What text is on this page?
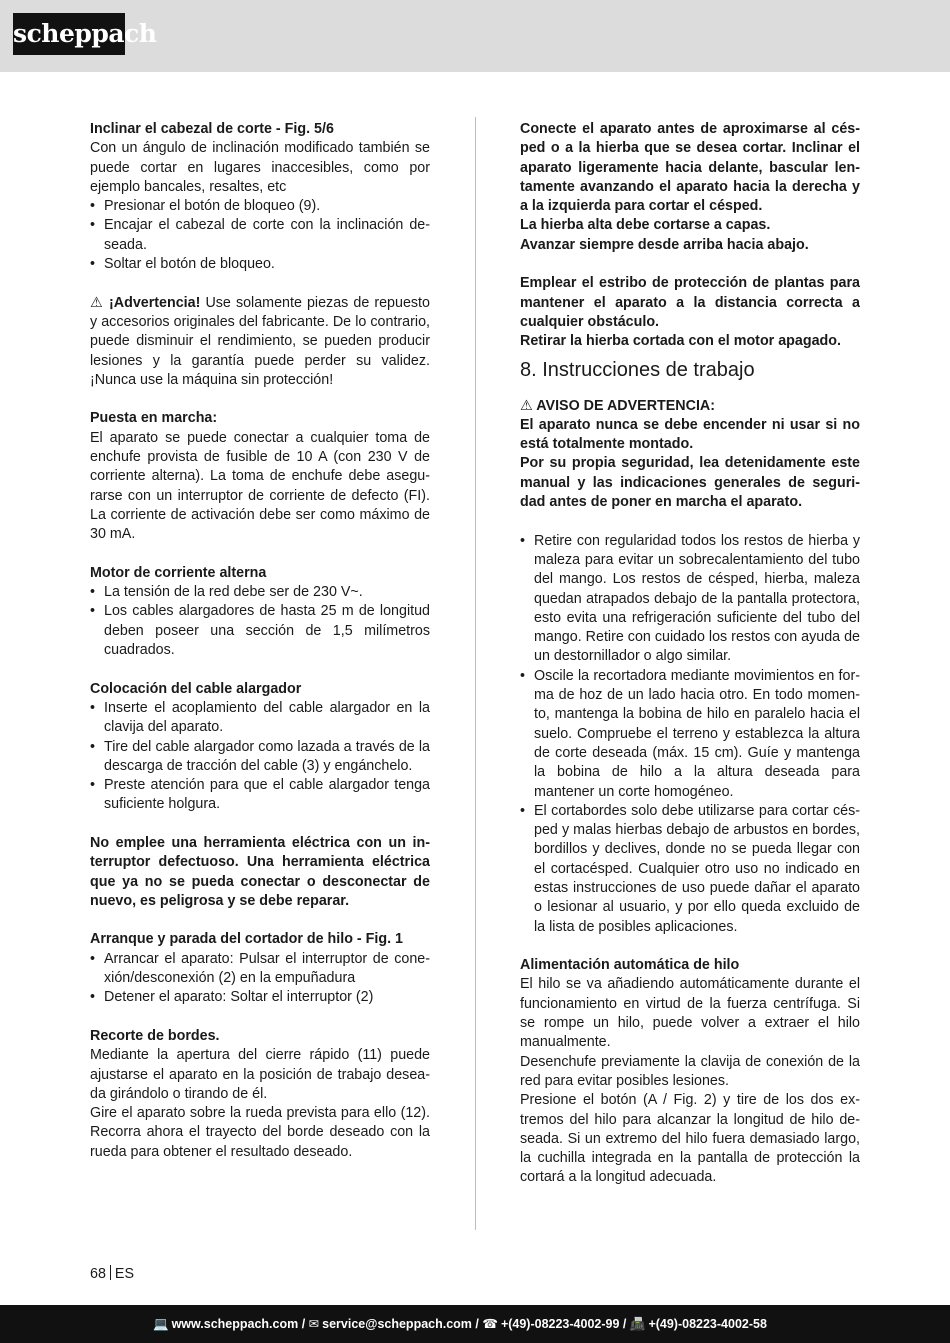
scheppach

Inclinar el cabezal de corte - Fig. 5/6

Con un ángulo de inclinación modificado también se puede cortar en lugares inaccesibles, como por ejemplo bancales, resaltes, etc

• Presionar el botón de bloqueo (9).
• Encajar el cabezal de corte con la inclinación deseada.
• Soltar el botón de bloqueo.

⚠ ¡Advertencia! Use solamente piezas de repuesto y accesorios originales del fabricante. De lo contrario, puede disminuir el rendimiento, se pueden producir lesiones y la garantía puede perder su validez. ¡Nunca use la máquina sin protección!

Puesta en marcha:

El aparato se puede conectar a cualquier toma de enchufe provista de fusible de 10 A (con 230 V de corriente alterna). La toma de enchufe debe asegurarse con un interruptor de corriente de defecto (FI). La corriente de activación debe ser como máximo de 30 mA.

Motor de corriente alterna

• La tensión de la red debe ser de 230 V~.
• Los cables alargadores de hasta 25 m de longitud deben poseer una sección de 1,5 milímetros cuadrados.

Colocación del cable alargador

• Inserte el acoplamiento del cable alargador en la clavija del aparato.
• Tire del cable alargador como lazada a través de la descarga de tracción del cable (3) y engánchelo.
• Preste atención para que el cable alargador tenga suficiente holgura.

No emplee una herramienta eléctrica con un interruptor defectuoso. Una herramienta eléctrica que ya no se pueda conectar o desconectar de nuevo, es peligrosa y se debe reparar.

Arranque y parada del cortador de hilo - Fig. 1

• Arrancar el aparato: Pulsar el interruptor de conexión/desconexión (2) en la empuñadura
• Detener el aparato: Soltar el interruptor (2)

Recorte de bordes.

Mediante la apertura del cierre rápido (11) puede ajustarse el aparato en la posición de trabajo deseada girándolo o tirando de él.

Gire el aparato sobre la rueda prevista para ello (12). Recorra ahora el trayecto del borde deseado con la rueda para obtener el resultado deseado.

Conecte el aparato antes de aproximarse al césped o a la hierba que se desea cortar. Inclinar el aparato ligeramente hacia delante, bascular lentamente avanzando el aparato hacia la derecha y a la izquierda para cortar el césped.

La hierba alta debe cortarse a capas.

Avanzar siempre desde arriba hacia abajo.

Emplear el estribo de protección de plantas para mantener el aparato a la distancia correcta a cualquier obstáculo.

Retirar la hierba cortada con el motor apagado.

8. Instrucciones de trabajo

⚠ AVISO DE ADVERTENCIA:

El aparato nunca se debe encender ni usar si no está totalmente montado.

Por su propia seguridad, lea detenidamente este manual y las indicaciones generales de seguridad antes de poner en marcha el aparato.

• Retire con regularidad todos los restos de hierba y maleza para evitar un sobrecalentamiento del tubo del mango. Los restos de césped, hierba, maleza quedan atrapados debajo de la pantalla protectora, esto evita una refrigeración suficiente del tubo del mango. Retire con cuidado los restos con ayuda de un destornillador o algo similar.
• Oscile la recortadora mediante movimientos en forma de hoz de un lado hacia otro. En todo momento, mantenga la bobina de hilo en paralelo hacia el suelo. Compruebe el terreno y establezca la altura de corte deseada (máx. 15 cm). Guíe y mantenga la bobina de hilo a la altura deseada para mantener un corte homogéneo.
• El cortabordes solo debe utilizarse para cortar césped y malas hierbas debajo de arbustos en bordes, bordillos y declives, donde no se pueda llegar con el cortacésped. Cualquier otro uso no indicado en estas instrucciones de uso puede dañar el aparato o lesionar al usuario, y por ello queda excluido de la lista de posibles aplicaciones.

Alimentación automática de hilo

El hilo se va añadiendo automáticamente durante el funcionamiento en virtud de la fuerza centrífuga. Si se rompe un hilo, puede volver a extraer el hilo manualmente.

Desenchufe previamente la clavija de conexión de la red para evitar posibles lesiones.

Presione el botón (A / Fig. 2) y tire de los dos extremos del hilo para alcanzar la longitud de hilo deseada. Si un extremo del hilo fuera demasiado largo, la cuchilla integrada en la pantalla de protección la cortará a la longitud adecuada.

68 ES
💻 www.scheppach.com / ✉ service@scheppach.com / ☎ +(49)-08223-4002-99 / 📠 +(49)-08223-4002-58
